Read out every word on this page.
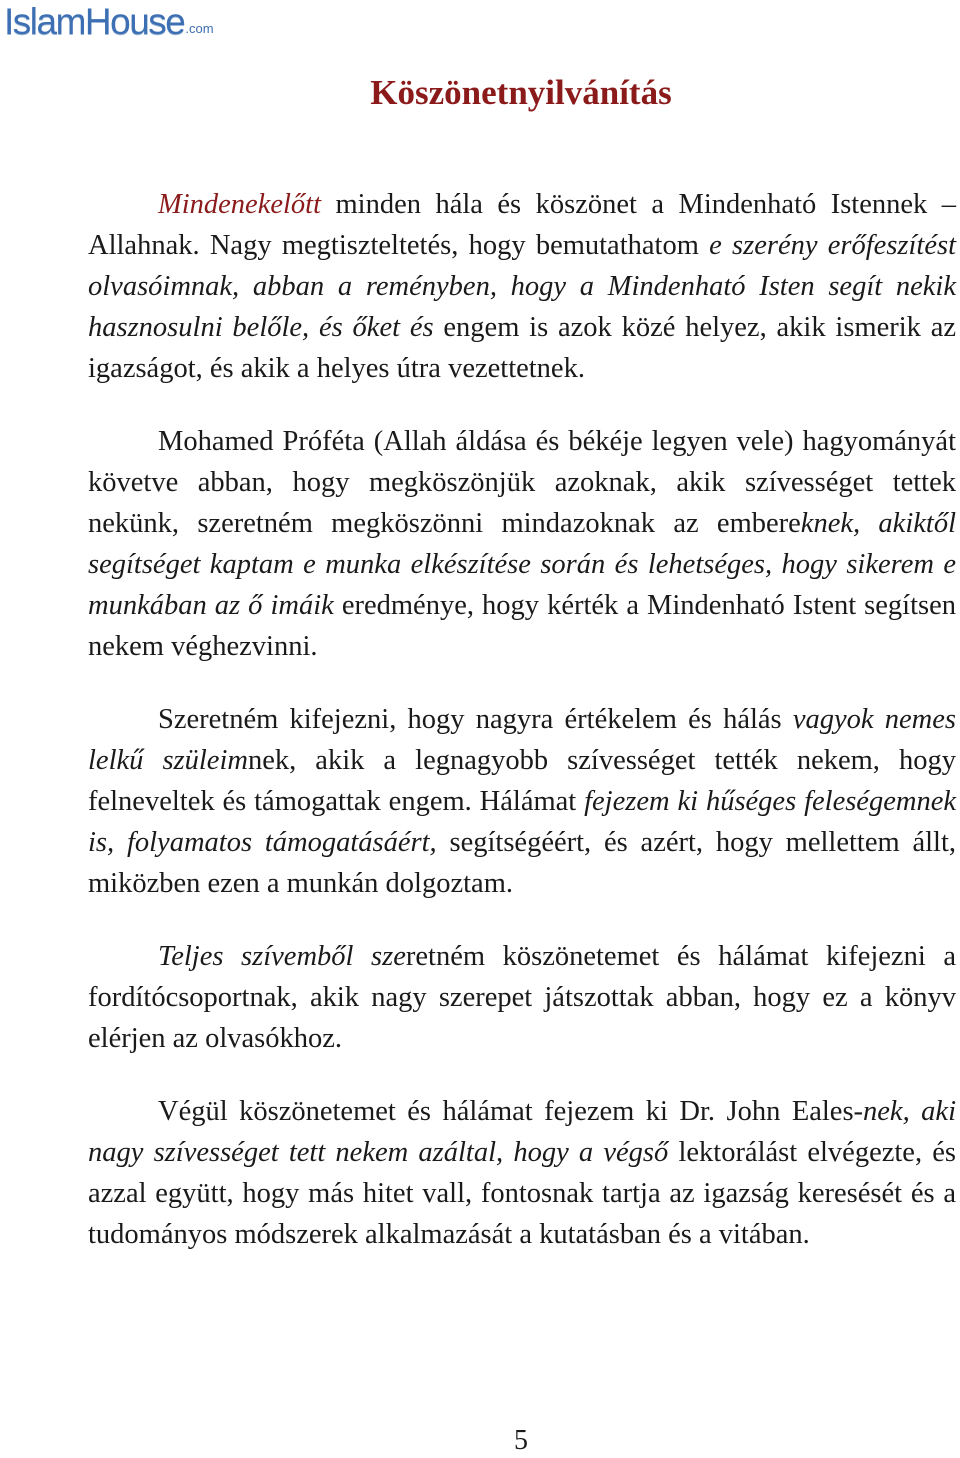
IslamHouse .com
Köszönetnyilvánítás

Mindenekelőtt minden hála és köszönet a Mindenható Istennek – Allahnak. Nagy megtiszteltetés, hogy bemutathatom e szerény erőfeszítést olvasóimnak, abban a reményben, hogy a Mindenható Isten segít nekik hasznosulni belőle, és őket és engem is azok közé helyez, akik ismerik az igazságot, és akik a helyes útra vezettetnek.

Mohamed Próféta (Allah áldása és békéje legyen vele) hagyományát követve abban, hogy megköszönjük azoknak, akik szívességet tettek nekünk, szeretném megköszönni mindazoknak az embereknek, akiktől segítséget kaptam e munka elkészítése során és lehetséges, hogy sikerem e munkában az ő imáik eredménye, hogy kérték a Mindenható Istent segítsen nekem véghezvinni.

Szeretném kifejezni, hogy nagyra értékelem és hálás vagyok nemes lelkű szüleimnek, akik a legnagyobb szívességet tették nekem, hogy felneveltek és támogattak engem. Hálámat fejezem ki hűséges feleségemnek is, folyamatos támogatásáért, segítségéért, és azért, hogy mellettem állt, miközben ezen a munkán dolgoztam.

Teljes szívemből szeretném köszönetemet és hálámat kifejezni a fordítócsoportnak, akik nagy szerepet játszottak abban, hogy ez a könyv elérjen az olvasókhoz.

Végül köszönetemet és hálámat fejezem ki Dr. John Eales-nek, aki nagy szívességet tett nekem azáltal, hogy a végső lektorálást elvégezte, és azzal együtt, hogy más hitet vall, fontosnak tartja az igazság keresését és a tudományos módszerek alkalmazását a kutatásban és a vitában.

5
